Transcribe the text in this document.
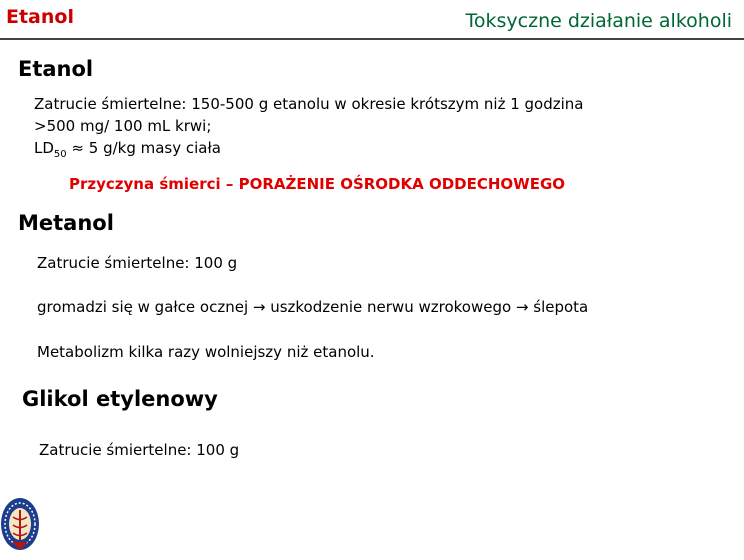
Etanol	Toksyczne działanie alkoholi
Etanol
Zatrucie śmiertelne: 150-500 g etanolu w okresie krótszym niż 1 godzina
>500 mg/ 100 mL krwi;
$LD_{50} \approx 5$ g/kg masy ciała
Przyczyna śmierci – PORAŻENIE OŚRODKA ODDECHOWEGO
Metanol
Zatrucie śmiertelne: 100 g
gromadzi się w gałce ocznej → uszkodzenie nerwu wzrokowego → ślepota
Metabolizm kilka razy wolniejszy niż etanolu.
Glikol etylenowy
Zatrucie śmiertelne: 100 g
